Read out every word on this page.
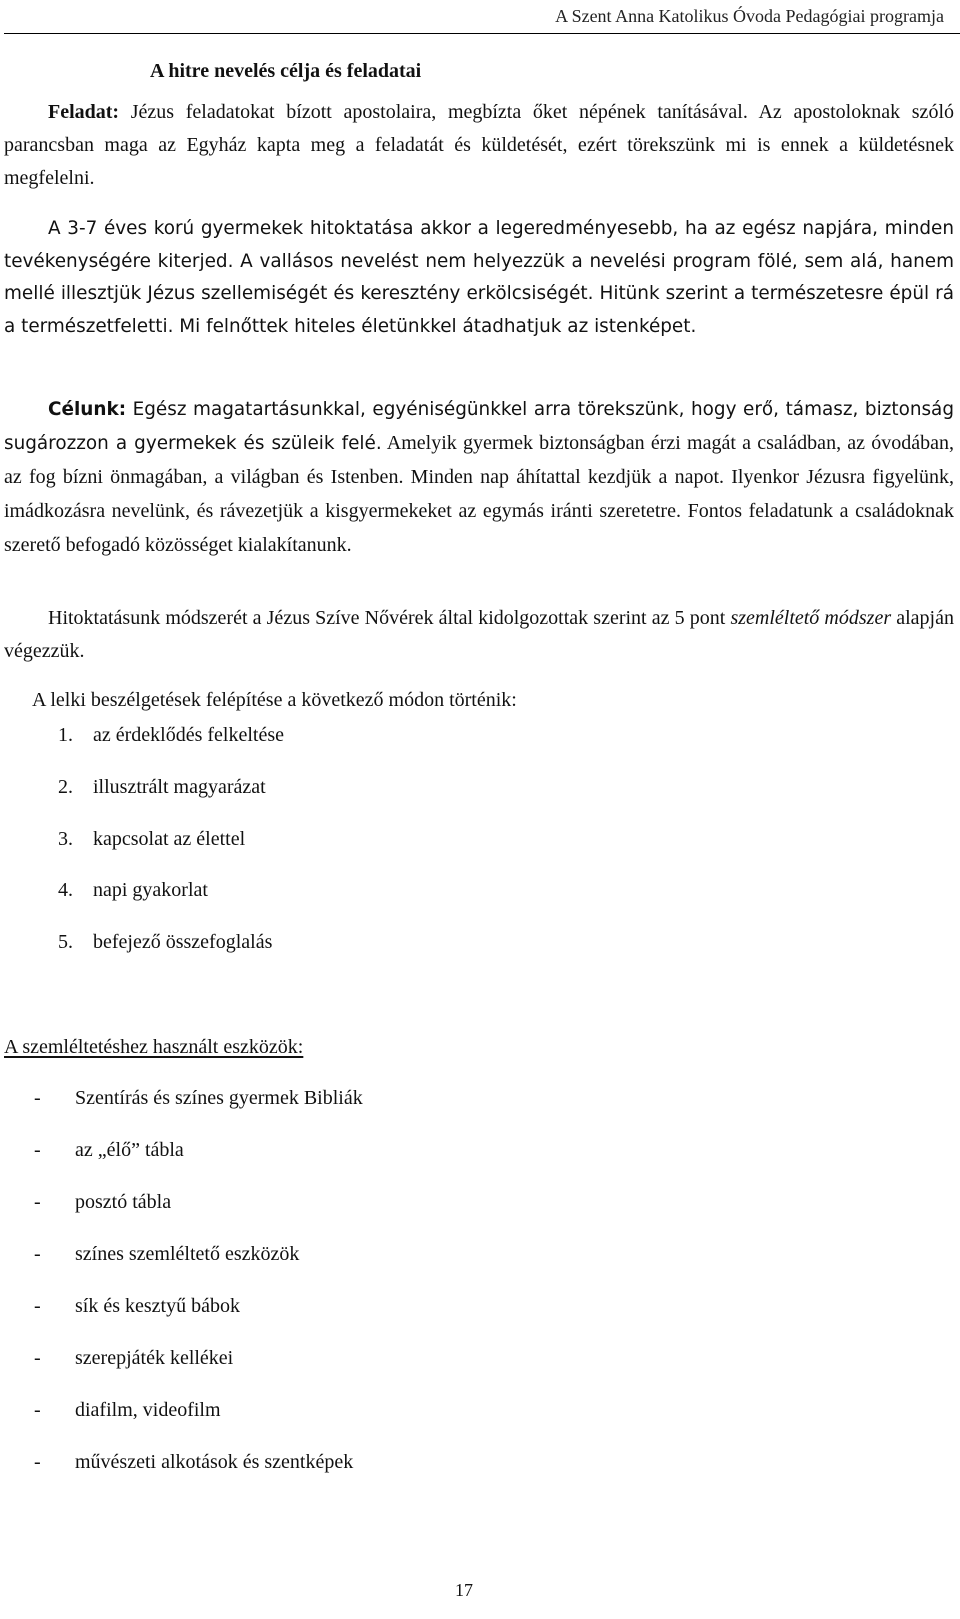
A Szent Anna Katolikus Óvoda Pedagógiai programja
A hitre nevelés célja és feladatai

Feladat: Jézus feladatokat bízott apostolaira, megbízta őket népének tanításával. Az apostoloknak szóló parancsban maga az Egyház kapta meg a feladatát és küldetését, ezért törekszünk mi is ennek a küldetésnek megfelelni.

A 3-7 éves korú gyermekek hitoktatása akkor a legeredményesebb, ha az egész napjára, minden tevékenységére kiterjed. A vallásos nevelést nem helyezzük a nevelési program fölé, sem alá, hanem mellé illesztjük Jézus szellemiségét és keresztény erkölcsiségét. Hitünk szerint a természetesre épül rá a természetfeletti. Mi felnőttek hiteles életünkkel átadhatjuk az istenképet.

Célunk: Egész magatartásunkkal, egyéniségünkkel arra törekszünk, hogy erő, támasz, biztonság sugározzon a gyermekek és szüleik felé. Amelyik gyermek biztonságban érzi magát a családban, az óvodában, az fog bízni önmagában, a világban és Istenben. Minden nap áhítattal kezdjük a napot. Ilyenkor Jézusra figyelünk, imádkozásra nevelünk, és rávezetjük a kisgyermekeket az egymás iránti szeretetre. Fontos feladatunk a családoknak szerető befogadó közösséget kialakítanunk.

Hitoktatásunk módszerét a Jézus Szíve Nővérek által kidolgozottak szerint az 5 pont szemléltető módszer alapján végezzük.

A lelki beszélgetések felépítése a következő módon történik:

1. az érdeklődés felkeltése

2. illusztrált magyarázat

3. kapcsolat az élettel

4. napi gyakorlat

5. befejező összefoglalás

A szemléltetéshez használt eszközök:

- Szentírás és színes gyermek Bibliák

- az „élő” tábla

- posztó tábla

- színes szemléltető eszközök

- sík és kesztyű bábok

- szerepjáték kellékei

- diafilm, videofilm

- művészeti alkotások és szentképek

17
